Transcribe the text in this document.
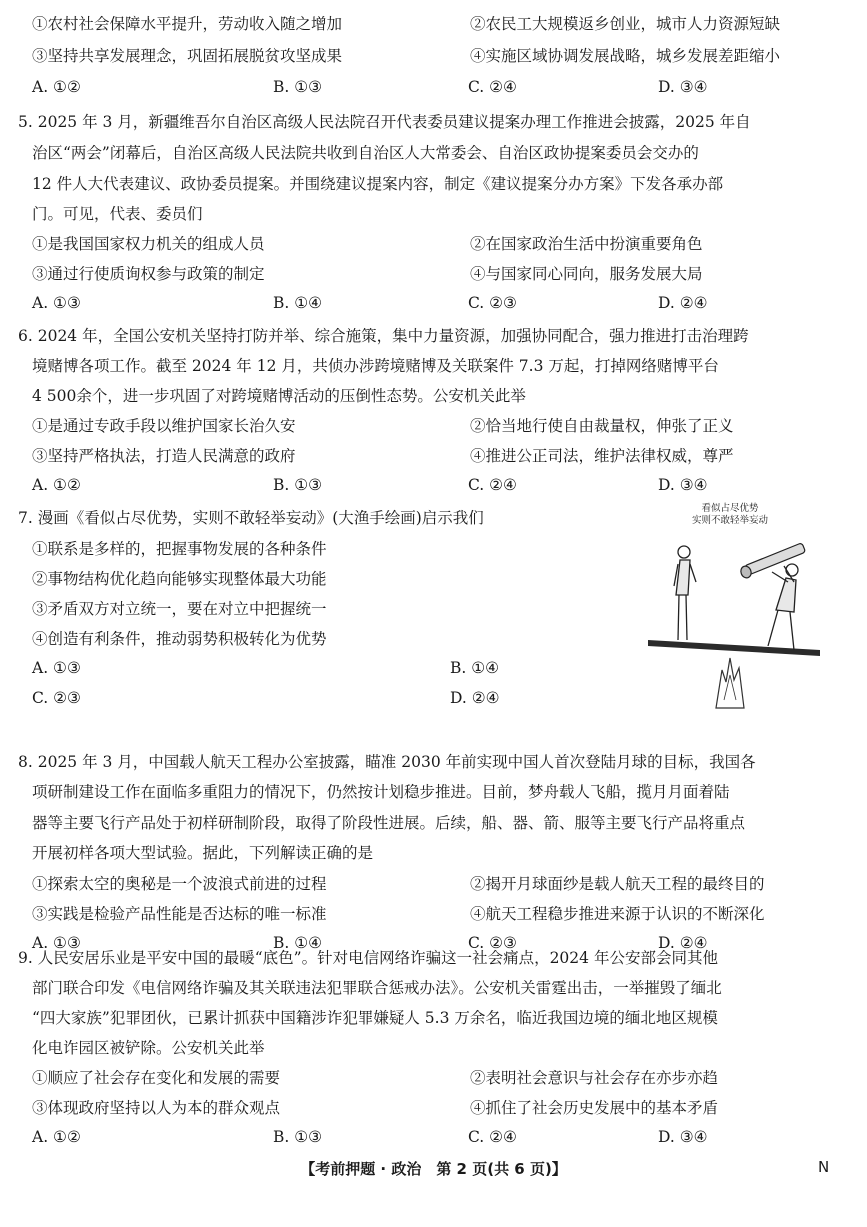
①农村社会保障水平提升，劳动收入随之增加	②农民工大规模返乡创业，城市人力资源短缺
③坚持共享发展理念，巩固拓展脱贫攻坚成果	④实施区域协调发展战略，城乡发展差距缩小
A. ①②	B. ①③	C. ②④	D. ③④
5. 2025 年 3 月，新疆维吾尔自治区高级人民法院召开代表委员建议提案办理工作推进会披露，2025 年自
治区“两会”闭幕后，自治区高级人民法院共收到自治区人大常委会、自治区政协提案委员会交办的
12 件人大代表建议、政协委员提案。并围绕建议提案内容，制定《建议提案分办方案》下发各承办部
门。可见，代表、委员们
①是我国国家权力机关的组成人员	②在国家政治生活中扮演重要角色
③通过行使质询权参与政策的制定	④与国家同心同向，服务发展大局
A. ①③	B. ①④	C. ②③	D. ②④
6. 2024 年，全国公安机关坚持打防并举、综合施策，集中力量资源，加强协同配合，强力推进打击治理跨
境赌博各项工作。截至 2024 年 12 月，共侦办涉跨境赌博及关联案件 7.3 万起，打掉网络赌博平台
4 500余个，进一步巩固了对跨境赌博活动的压倒性态势。公安机关此举
①是通过专政手段以维护国家长治久安	②恰当地行使自由裁量权，伸张了正义
③坚持严格执法，打造人民满意的政府	④推进公正司法，维护法律权威，尊严
A. ①②	B. ①③	C. ②④	D. ③④
7. 漫画《看似占尽优势，实则不敢轻举妄动》(大渔手绘画)启示我们
①联系是多样的，把握事物发展的各种条件
②事物结构优化趋向能够实现整体最大功能
③矛盾双方对立统一，要在对立中把握统一
④创造有利条件，推动弱势积极转化为优势
A. ①③	B. ①④
C. ②③	D. ②④
看似占尽优势
实则不敢轻举妄动
8. 2025 年 3 月，中国载人航天工程办公室披露，瞄准 2030 年前实现中国人首次登陆月球的目标，我国各
项研制建设工作在面临多重阻力的情况下，仍然按计划稳步推进。目前，梦舟载人飞船，揽月月面着陆
器等主要飞行产品处于初样研制阶段，取得了阶段性进展。后续，船、器、箭、服等主要飞行产品将重点
开展初样各项大型试验。据此，下列解读正确的是
①探索太空的奥秘是一个波浪式前进的过程	②揭开月球面纱是载人航天工程的最终目的
③实践是检验产品性能是否达标的唯一标准	④航天工程稳步推进来源于认识的不断深化
A. ①③	B. ①④	C. ②③	D. ②④
9. 人民安居乐业是平安中国的最暖“底色”。针对电信网络诈骗这一社会痛点，2024 年公安部会同其他
部门联合印发《电信网络诈骗及其关联违法犯罪联合惩戒办法》。公安机关雷霆出击，一举摧毁了缅北
“四大家族”犯罪团伙，已累计抓获中国籍涉诈犯罪嫌疑人 5.3 万余名，临近我国边境的缅北地区规模
化电诈园区被铲除。公安机关此举
①顺应了社会存在变化和发展的需要	②表明社会意识与社会存在亦步亦趋
③体现政府坚持以人为本的群众观点	④抓住了社会历史发展中的基本矛盾
【考前押题 · 政治　第 2 页(共 6 页)】	N
A. ①②	B. ①③	C. ②④	D. ③④
